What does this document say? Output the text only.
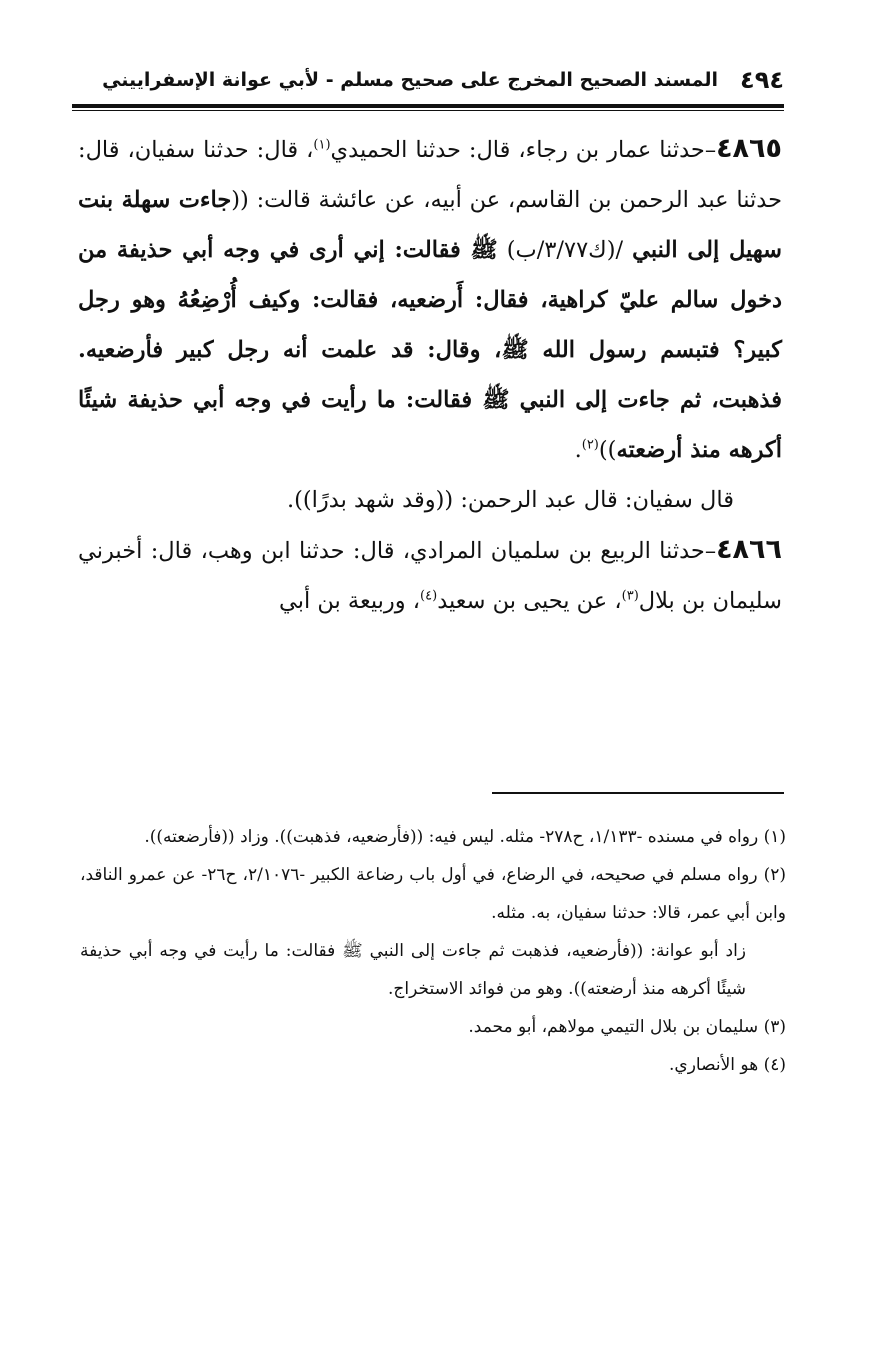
٤٩٤
المسند الصحيح المخرج على صحيح مسلم - لأبي عوانة الإسفراييني

٤٨٦٥–حدثنا عمار بن رجاء، قال: حدثنا الحميدي$^{(١)}$، قال: حدثنا سفيان، قال: حدثنا عبد الرحمن بن القاسم، عن أبيه، عن عائشة قالت: ((جاءت سهلة بنت سهيل إلى النبي /(ك٣/٧٧/ب) ﷺ فقالت: إني أرى في وجه أبي حذيفة من دخول سالم عليّ كراهية، فقال: أَرضعيه، فقالت: وكيف أُرْضِعُهُ وهو رجل كبير؟ فتبسم رسول الله ﷺ، وقال: قد علمت أنه رجل كبير فأرضعيه. فذهبت، ثم جاءت إلى النبي ﷺ فقالت: ما رأيت في وجه أبي حذيفة شيئًا أكرهه منذ أرضعته))$^{(٢)}$.

قال سفيان: قال عبد الرحمن: ((وقد شهد بدرًا)).

٤٨٦٦–حدثنا الربيع بن سلميان المرادي، قال: حدثنا ابن وهب، قال: أخبرني سليمان بن بلال$^{(٣)}$، عن يحيى بن سعيد$^{(٤)}$، وربيعة بن أبي

(١) رواه في مسنده -١/١٣٣، ح٢٧٨- مثله. ليس فيه: ((فأرضعيه، فذهبت)). وزاد ((فأرضعته)).

(٢) رواه مسلم في صحيحه، في الرضاع، في أول باب رضاعة الكبير -٢/١٠٧٦، ح٢٦- عن عمرو الناقد، وابن أبي عمر، قالا: حدثنا سفيان، به. مثله.

زاد أبو عوانة: ((فأرضعيه، فذهبت ثم جاءت إلى النبي ﷺ فقالت: ما رأيت في وجه أبي حذيفة شيئًا أكرهه منذ أرضعته)). وهو من فوائد الاستخراج.

(٣) سليمان بن بلال التيمي مولاهم، أبو محمد.

(٤) هو الأنصاري.
